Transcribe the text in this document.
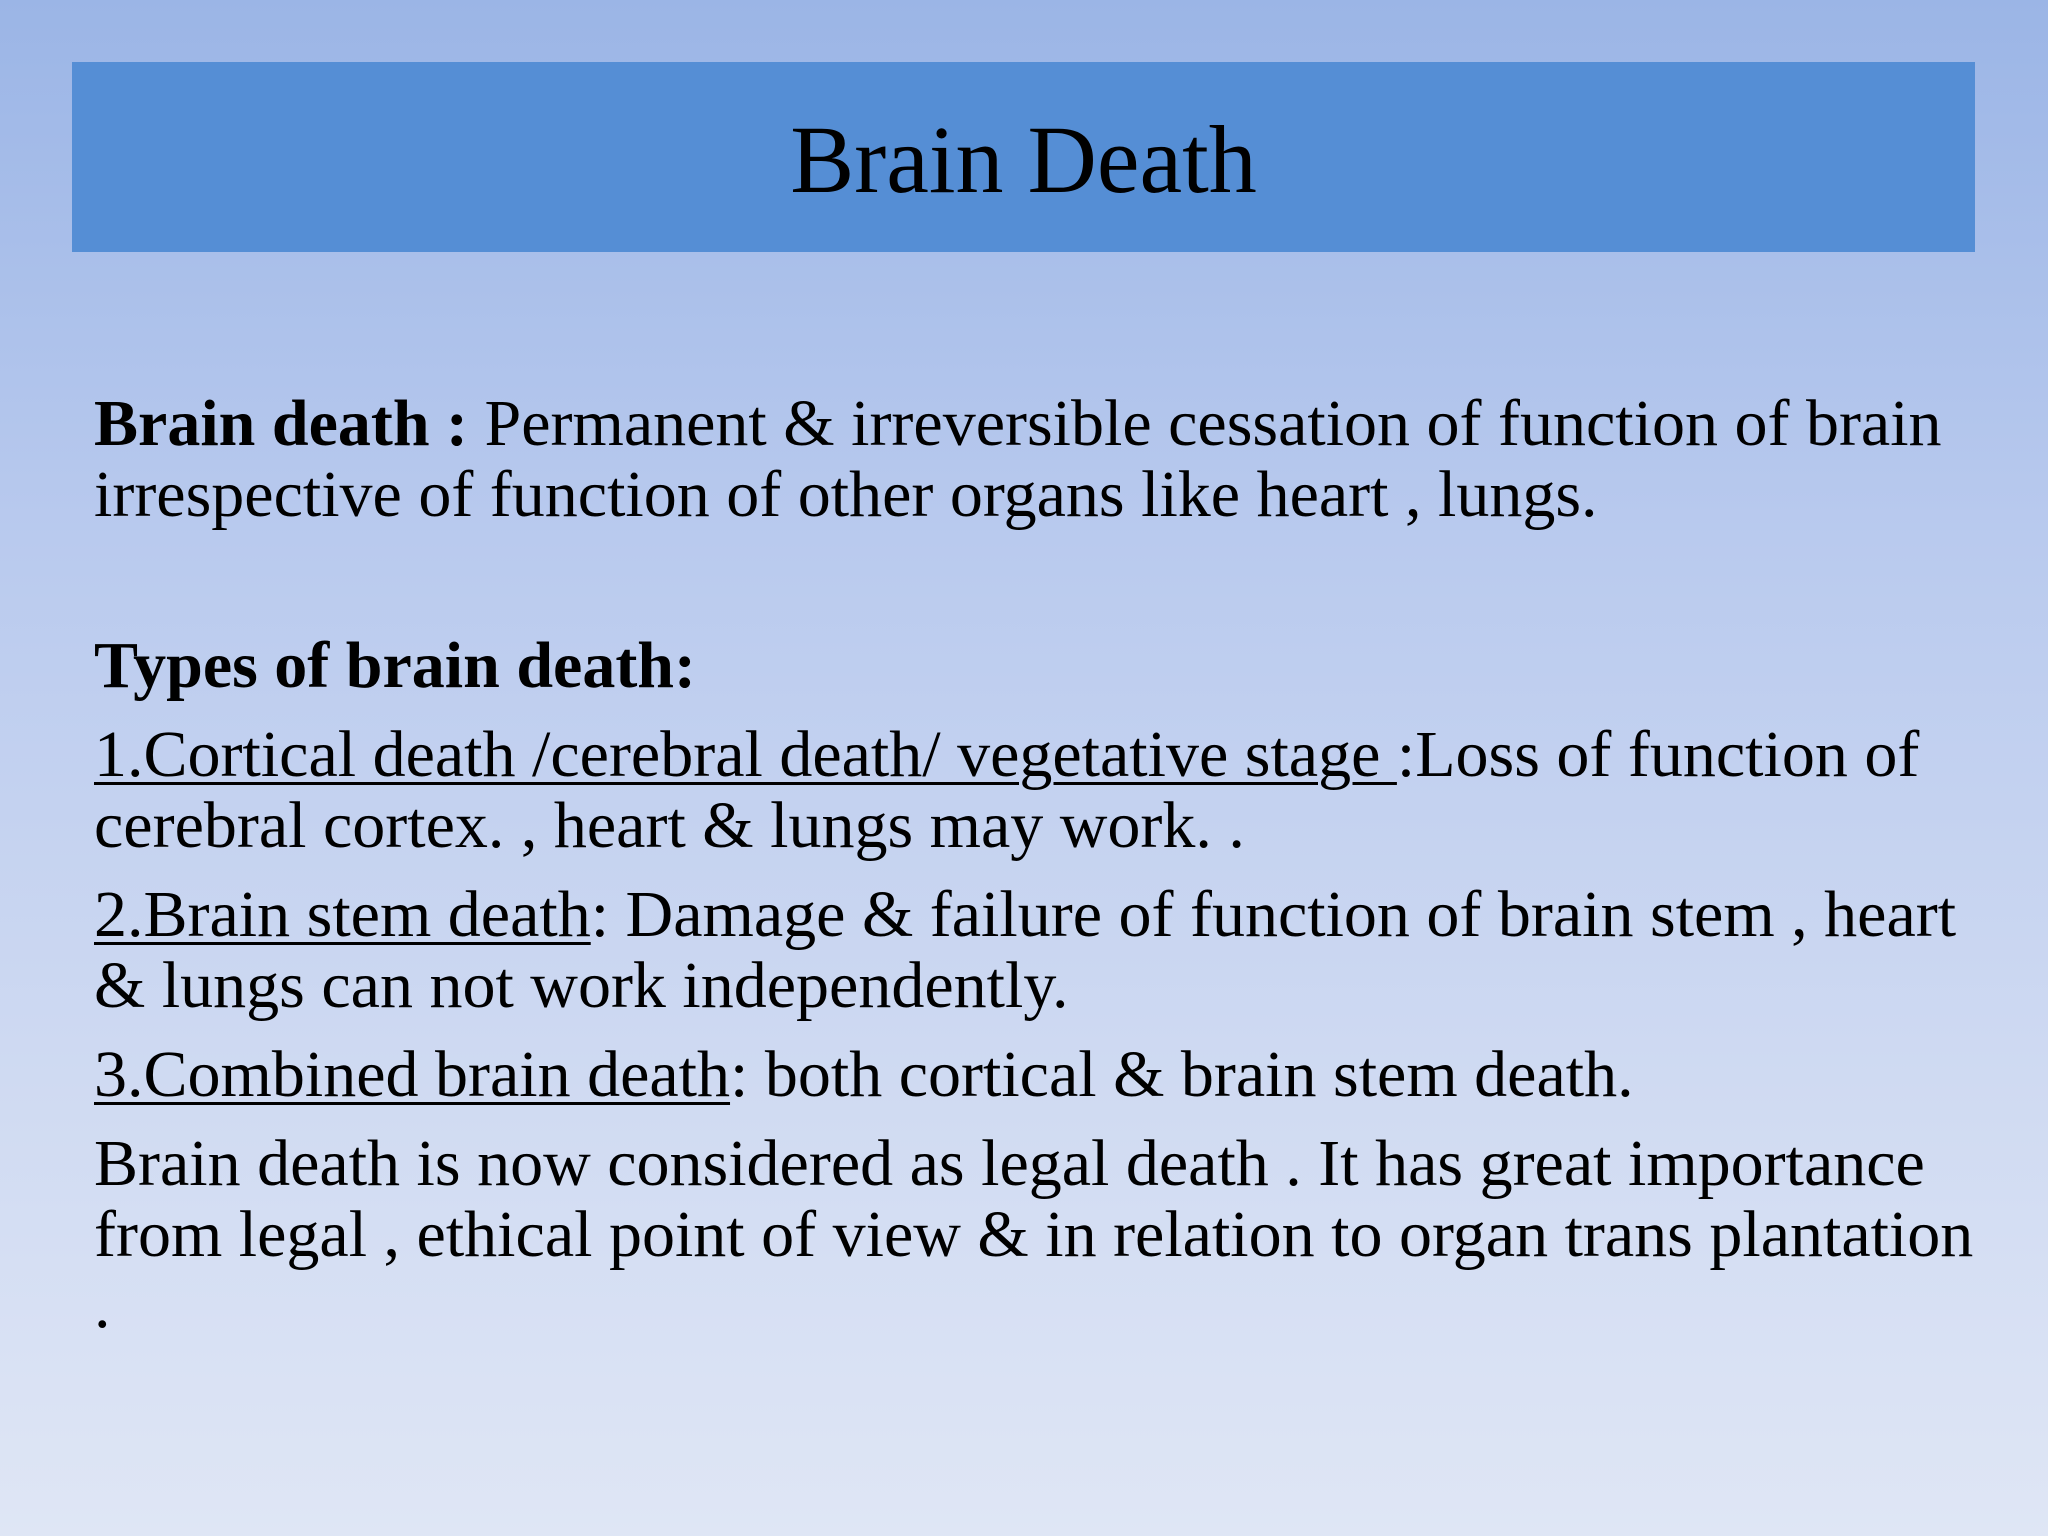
Brain Death

Brain death : Permanent & irreversible cessation of function of brain irrespective of function of other organs like heart , lungs.

Types of brain death:

1.Cortical death /cerebral death/ vegetative stage :Loss of function of cerebral cortex. , heart & lungs may work. .

2.Brain stem death: Damage & failure of function of brain stem , heart & lungs can not work independently.

3.Combined brain death: both cortical & brain stem death.

Brain death is now considered as legal death . It has great importance from legal , ethical point of view & in relation to organ trans plantation .
